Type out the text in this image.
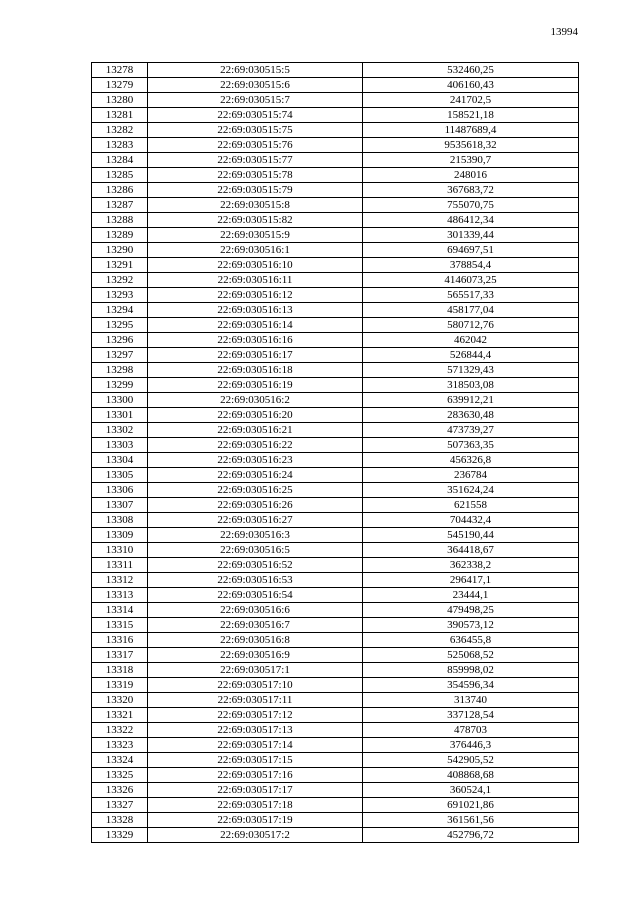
13994
13278	22:69:030515:5	532460,25
13279	22:69:030515:6	406160,43
13280	22:69:030515:7	241702,5
13281	22:69:030515:74	158521,18
13282	22:69:030515:75	11487689,4
13283	22:69:030515:76	9535618,32
13284	22:69:030515:77	215390,7
13285	22:69:030515:78	248016
13286	22:69:030515:79	367683,72
13287	22:69:030515:8	755070,75
13288	22:69:030515:82	486412,34
13289	22:69:030515:9	301339,44
13290	22:69:030516:1	694697,51
13291	22:69:030516:10	378854,4
13292	22:69:030516:11	4146073,25
13293	22:69:030516:12	565517,33
13294	22:69:030516:13	458177,04
13295	22:69:030516:14	580712,76
13296	22:69:030516:16	462042
13297	22:69:030516:17	526844,4
13298	22:69:030516:18	571329,43
13299	22:69:030516:19	318503,08
13300	22:69:030516:2	639912,21
13301	22:69:030516:20	283630,48
13302	22:69:030516:21	473739,27
13303	22:69:030516:22	507363,35
13304	22:69:030516:23	456326,8
13305	22:69:030516:24	236784
13306	22:69:030516:25	351624,24
13307	22:69:030516:26	621558
13308	22:69:030516:27	704432,4
13309	22:69:030516:3	545190,44
13310	22:69:030516:5	364418,67
13311	22:69:030516:52	362338,2
13312	22:69:030516:53	296417,1
13313	22:69:030516:54	23444,1
13314	22:69:030516:6	479498,25
13315	22:69:030516:7	390573,12
13316	22:69:030516:8	636455,8
13317	22:69:030516:9	525068,52
13318	22:69:030517:1	859998,02
13319	22:69:030517:10	354596,34
13320	22:69:030517:11	313740
13321	22:69:030517:12	337128,54
13322	22:69:030517:13	478703
13323	22:69:030517:14	376446,3
13324	22:69:030517:15	542905,52
13325	22:69:030517:16	408868,68
13326	22:69:030517:17	360524,1
13327	22:69:030517:18	691021,86
13328	22:69:030517:19	361561,56
13329	22:69:030517:2	452796,72
